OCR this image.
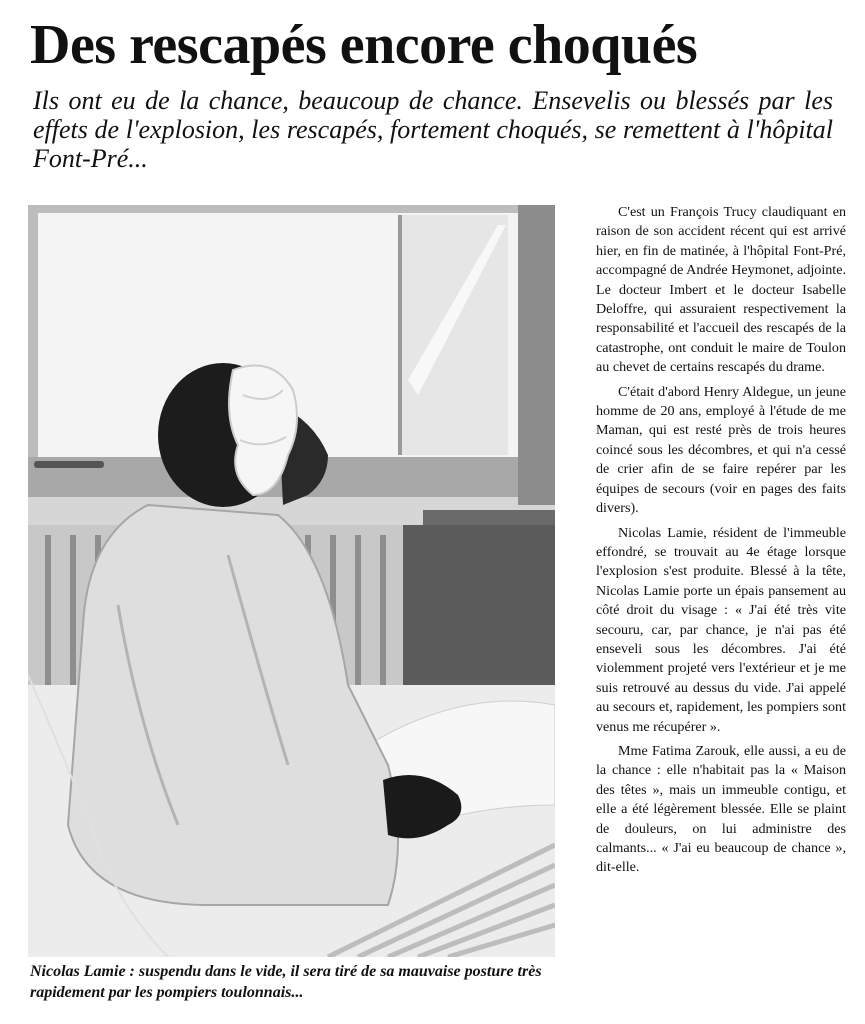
Des rescapés encore choqués

Ils ont eu de la chance, beaucoup de chance. Ensevelis ou blessés par les effets de l'explosion, les rescapés, fortement choqués, se remettent à l'hôpital Font-Pré...

Nicolas Lamie : suspendu dans le vide, il sera tiré de sa mauvaise posture très rapidement par les pompiers toulonnais...

C'est un François Trucy claudiquant en raison de son accident récent qui est arrivé hier, en fin de matinée, à l'hôpital Font-Pré, accompagné de Andrée Heymonet, adjointe. Le docteur Imbert et le docteur Isabelle Deloffre, qui assuraient respectivement la responsabilité et l'accueil des rescapés de la catastrophe, ont conduit le maire de Toulon au chevet de certains rescapés du drame.

C'était d'abord Henry Aldegue, un jeune homme de 20 ans, employé à l'étude de me Maman, qui est resté près de trois heures coincé sous les décombres, et qui n'a cessé de crier afin de se faire repérer par les équipes de secours (voir en pages des faits divers).

Nicolas Lamie, résident de l'immeuble effondré, se trouvait au 4e étage lorsque l'explosion s'est produite. Blessé à la tête, Nicolas Lamie porte un épais pansement au côté droit du visage : « J'ai été très vite secouru, car, par chance, je n'ai pas été enseveli sous les décombres. J'ai été violemment projeté vers l'extérieur et je me suis retrouvé au dessus du vide. J'ai appelé au secours et, rapidement, les pompiers sont venus me récupérer ».

Mme Fatima Zarouk, elle aussi, a eu de la chance : elle n'habitait pas la « Maison des têtes », mais un immeuble contigu, et elle a été légèrement blessée. Elle se plaint de douleurs, on lui administre des calmants... « J'ai eu beaucoup de chance », dit-elle.
